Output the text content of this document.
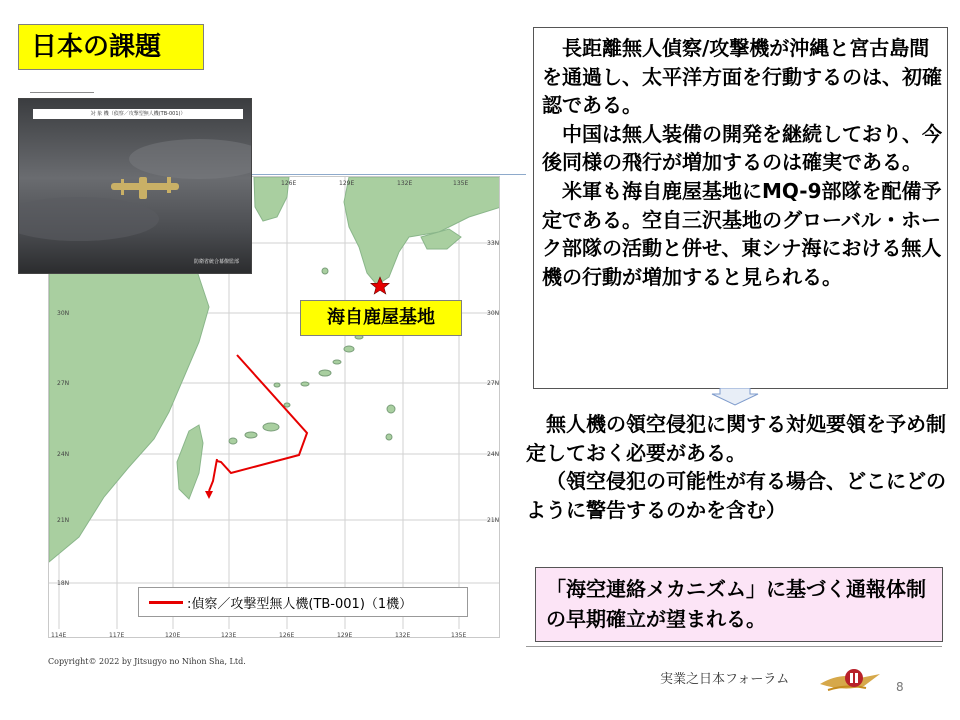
126E	129E	132E	135E
33N
30N
30N
27N
27N
24N
24N
21N
21N
18N
114E	117E	120E	123E	126E	129E	132E	135E
:偵察／攻撃型無人機(TB-001)（1機）
海自鹿屋基地
対 象 機（偵察／攻撃型無人機(TB-001)）
防衛省統合幕僚監部
日本の課題	長距離無人偵察/攻撃機が沖縄と宮古島間を通過し、太平洋方面を行動するのは、初確認である。

中国は無人装備の開発を継続しており、今後同様の飛行が増加するのは確実である。

米軍も海自鹿屋基地にMQ-9部隊を配備予定である。空自三沢基地のグローバル・ホーク部隊の活動と併せ、東シナ海における無人機の行動が増加すると見られる。

無人機の領空侵犯に関する対処要領を予め制定しておく必要がある。

（領空侵犯の可能性が有る場合、どこにどのように警告するのかを含む）

「海空連絡メカニズム」に基づく通報体制の早期確立が望まれる。
Copyright© 2022 by Jitsugyo no Nihon Sha, Ltd.
実業之日本フォーラム	8
